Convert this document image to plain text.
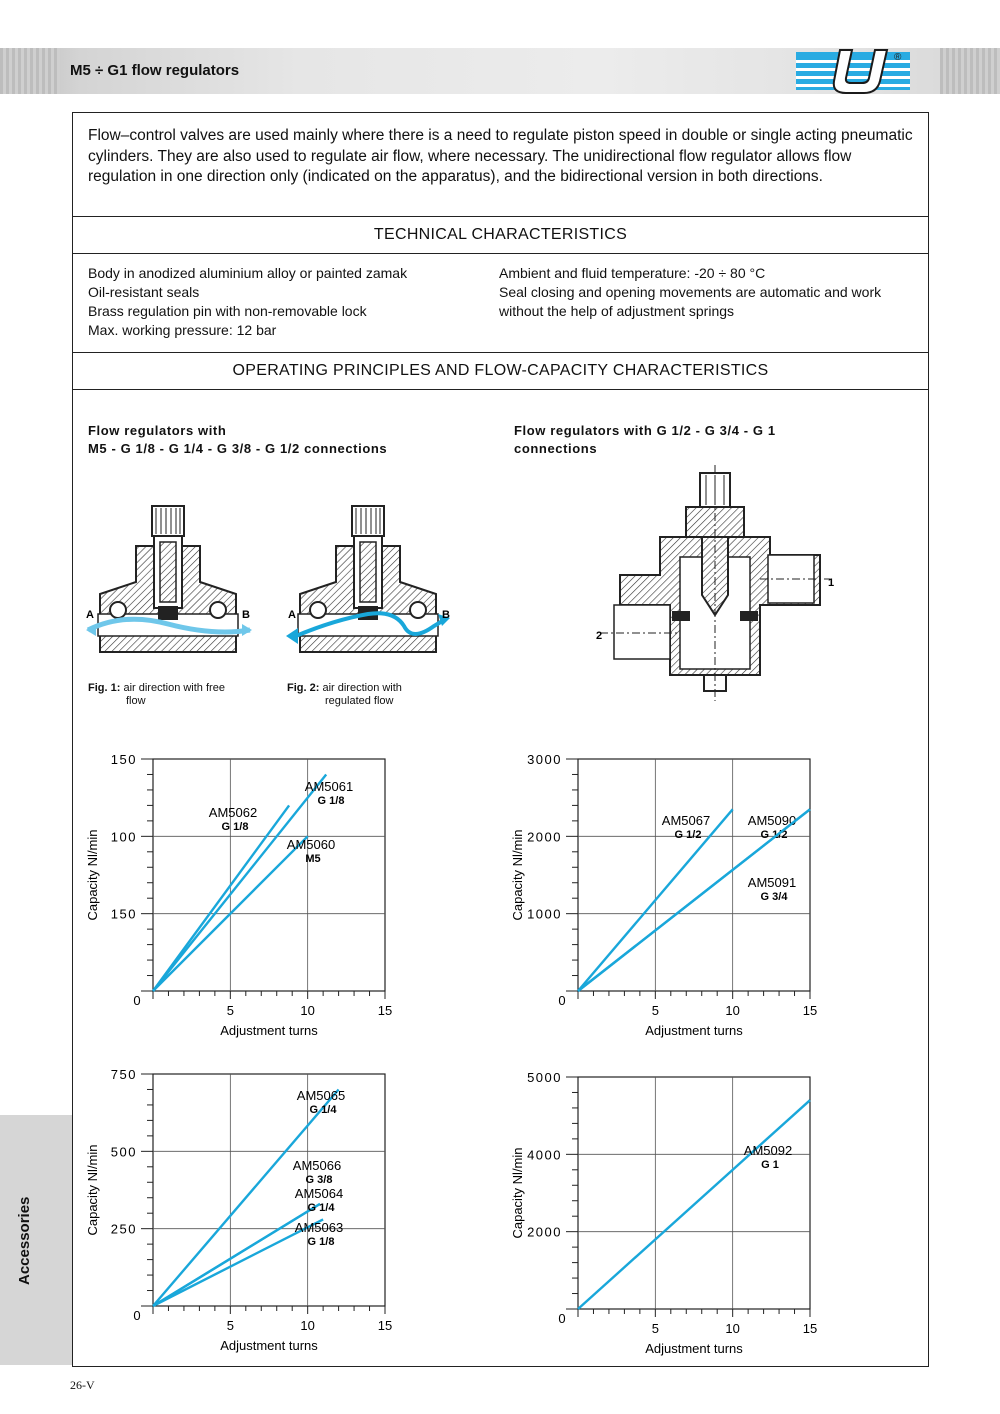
M5 ÷ G1 flow regulators
®
Flow–control valves are used mainly where there is a need to regulate piston speed in double or single acting pneumatic cylinders. They are also used to regulate air flow, where necessary. The unidirectional flow regulator allows flow regulation in one direction only (indicated on the apparatus), and the bidirectional version in both directions.
TECHNICAL CHARACTERISTICS
Body in anodized aluminium alloy or painted zamak
Oil-resistant seals
Brass regulation pin with non-removable lock
Max. working pressure: 12 bar
Ambient and fluid temperature: -20 ÷ 80 °C
Seal closing and opening movements are automatic and work
without the help of adjustment springs
OPERATING PRINCIPLES AND FLOW-CAPACITY CHARACTERISTICS
Flow regulators with
M5 - G 1/8 - G 1/4 - G 3/8 - G 1/2 connections
Flow regulators with G 1/2 - G 3/4 - G 1
connections
A	B
Fig. 1: air direction with free
flow
A	B
Fig. 2: air direction with
regulated flow
1
2
5	10	15
0
150
100
150
Adjustment turns
Capacity Nl/min
AM5061
G 1/8
AM5062
G 1/8
AM5060
M5
5	10	15
0
1000
2000
3000
Adjustment turns
Capacity Nl/min
AM5067
G 1/2
AM5090
G 1/2
AM5091
G 3/4
5	10	15
0
250
500
750
Adjustment turns
Capacity Nl/min
AM5065
G 1/4
AM5066
G 3/8
AM5064
G 1/4
AM5063
G 1/8
5	10	15
0
2000
4000
5000
Adjustment turns
Capacity Nl/min	AM5092
G 1
Accessories
26-V
